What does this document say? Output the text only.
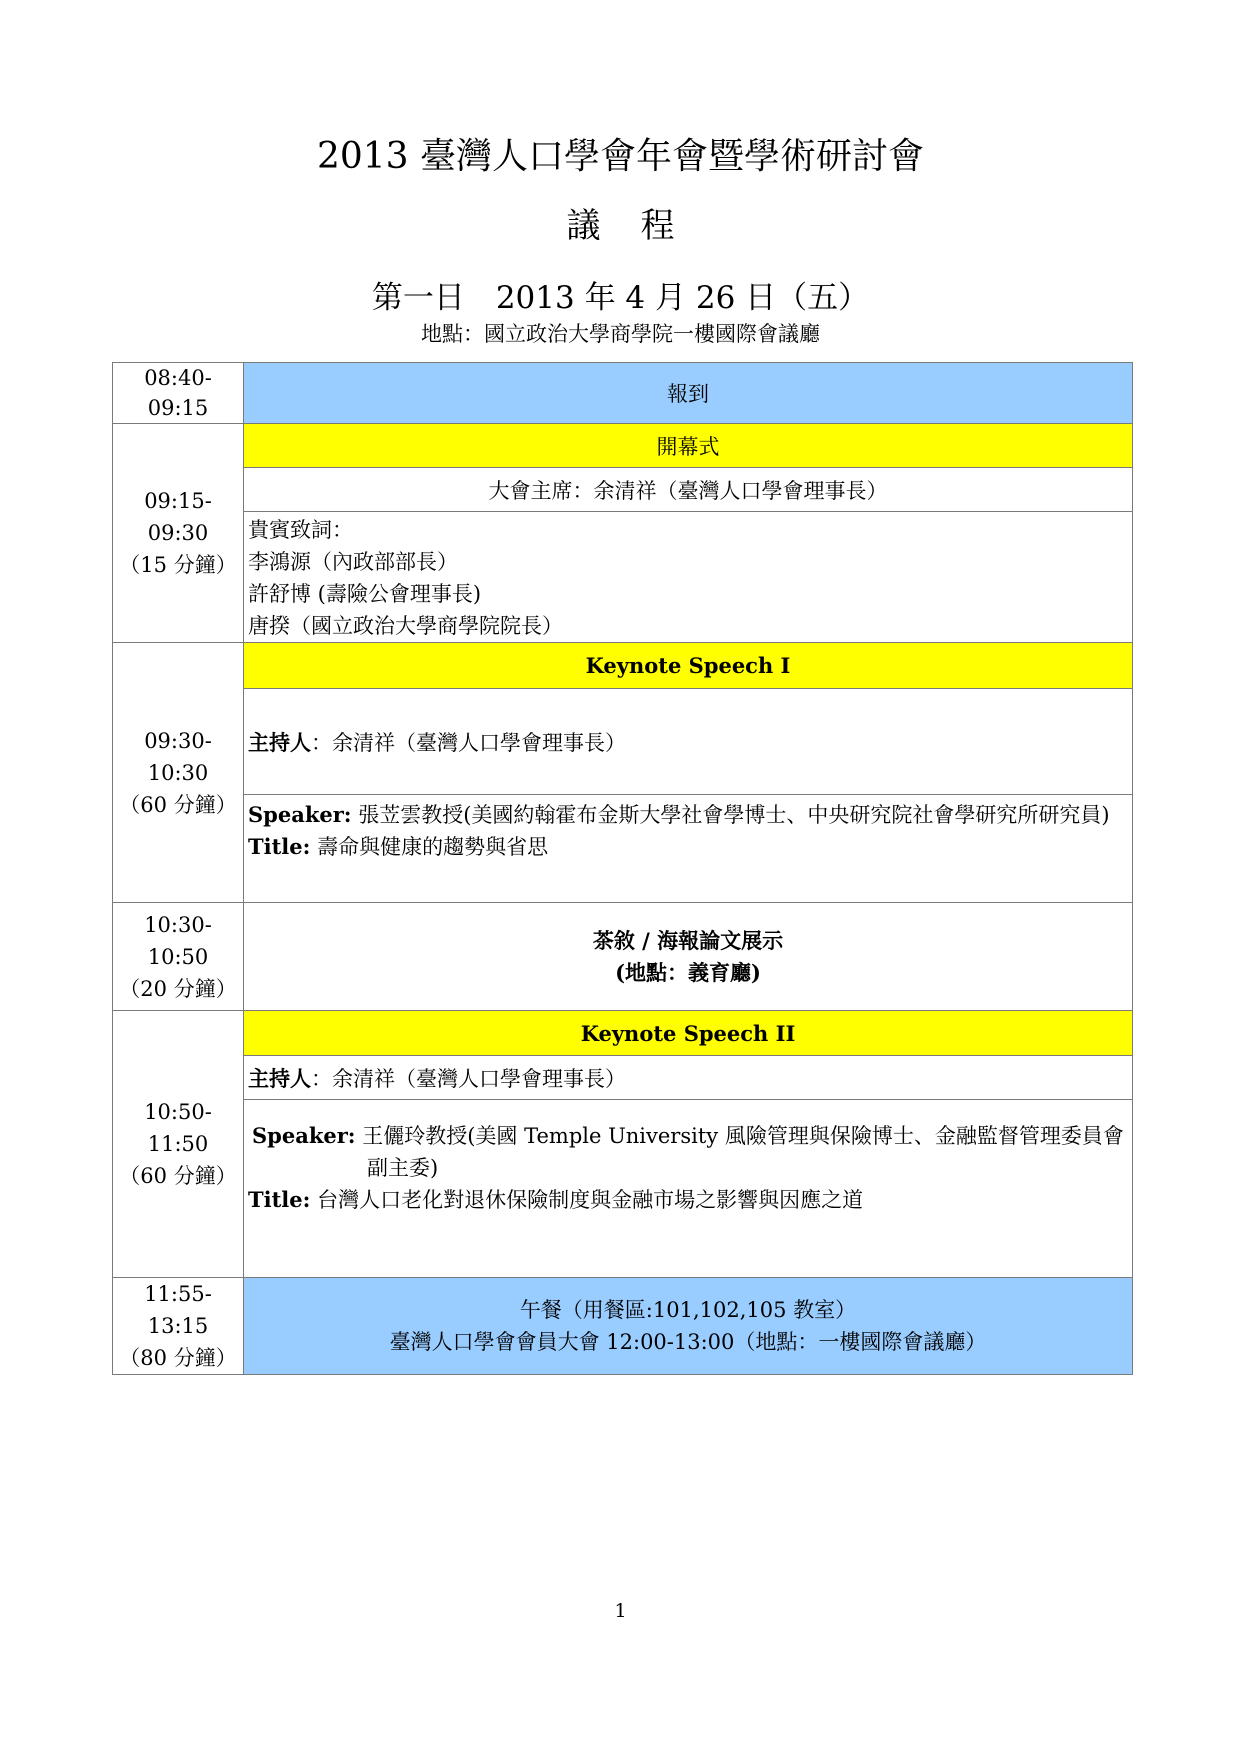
2013 臺灣人口學會年會暨學術研討會
議程
第一日　2013 年 4 月 26 日（五）
地點：國立政治大學商學院一樓國際會議廳
08:40-09:15	報到

09:15-09:30
（15 分鐘）	開幕式
	大會主席：余清祥（臺灣人口學會理事長）

	貴賓致詞：
李鴻源（內政部部長）
許舒博 (壽險公會理事長)
唐揆（國立政治大學商學院院長）

09:30-10:30
（60 分鐘）	Keynote Speech I
	主持人：余清祥（臺灣人口學會理事長）

	Speaker: 張苙雲教授(美國約翰霍布金斯大學社會學博士、中央研究院社會學研究所研究員)
Title: 壽命與健康的趨勢與省思

10:30-10:50
（20 分鐘）	茶敘 / 海報論文展示
(地點：義育廳)

10:50-11:50
（60 分鐘）	Keynote Speech II
	主持人：余清祥（臺灣人口學會理事長）

	Speaker: 王儷玲教授(美國 Temple University 風險管理與保險博士、金融監督管理委員會副主委)
Title: 台灣人口老化對退休保險制度與金融市場之影響與因應之道

11:55-13:15
（80 分鐘）	午餐（用餐區:101,102,105 教室）
臺灣人口學會會員大會 12:00-13:00（地點：一樓國際會議廳）
1
